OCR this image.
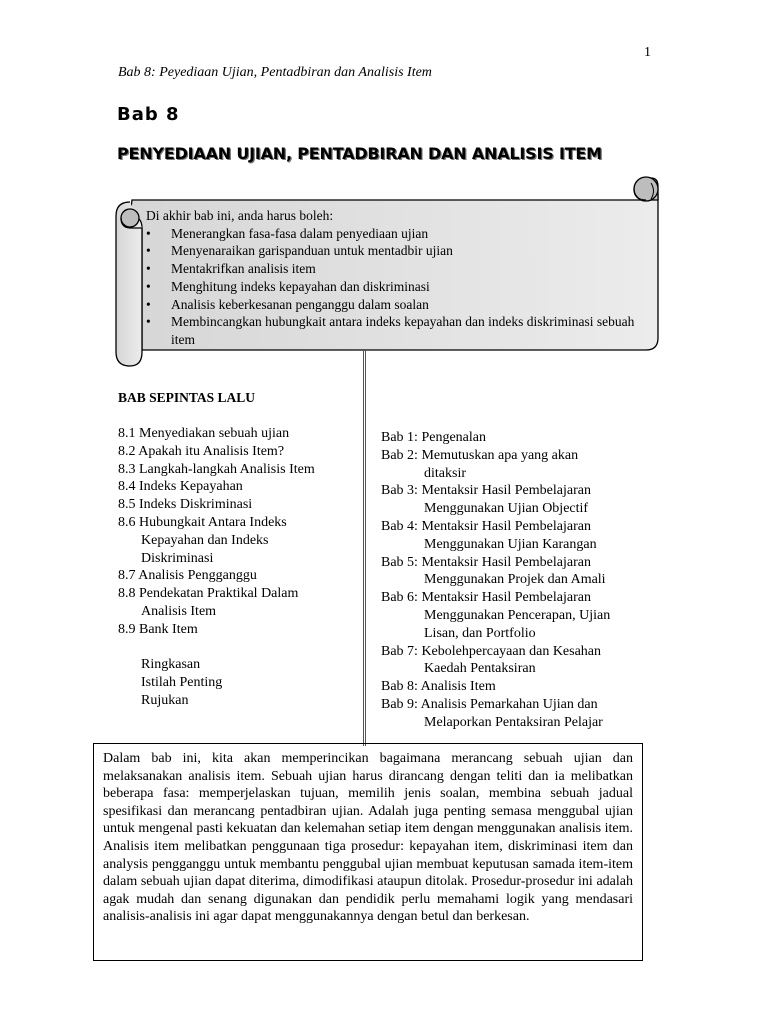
1
Bab 8: Peyediaan Ujian, Pentadbiran dan Analisis Item
Bab 8
PENYEDIAAN UJIAN, PENTADBIRAN DAN ANALISIS ITEM
Di akhir bab ini, anda harus boleh:
• Menerangkan fasa-fasa dalam penyediaan ujian
• Menyenaraikan garispanduan untuk mentadbir ujian
• Mentakrifkan analisis item
• Menghitung indeks kepayahan dan diskriminasi
• Analisis keberkesanan penganggu dalam soalan
• Membincangkan hubungkait antara indeks kepayahan dan indeks diskriminasi sebuah item
BAB SEPINTAS LALU
8.1 Menyediakan sebuah ujian
8.2 Apakah itu Analisis Item?
8.3 Langkah-langkah Analisis Item
8.4 Indeks Kepayahan
8.5 Indeks Diskriminasi
8.6 Hubungkait Antara Indeks
Kepayahan dan Indeks
Diskriminasi
8.7 Analisis Pengganggu
8.8 Pendekatan Praktikal Dalam
Analisis Item
8.9 Bank Item
Ringkasan
Istilah Penting
Rujukan
Bab 1: Pengenalan
Bab 2: Memutuskan apa yang akan
ditaksir
Bab 3: Mentaksir Hasil Pembelajaran
Menggunakan Ujian Objectif
Bab 4: Mentaksir Hasil Pembelajaran
Menggunakan Ujian Karangan
Bab 5: Mentaksir Hasil Pembelajaran
Menggunakan Projek dan Amali
Bab 6: Mentaksir Hasil Pembelajaran
Menggunakan Pencerapan, Ujian
Lisan, dan Portfolio
Bab 7: Kebolehpercayaan dan Kesahan
Kaedah Pentaksiran
Bab 8: Analisis Item
Bab 9: Analisis Pemarkahan Ujian dan
Melaporkan Pentaksiran Pelajar
Dalam bab ini, kita akan memperincikan bagaimana merancang sebuah ujian dan melaksanakan analisis item. Sebuah ujian harus dirancang dengan teliti dan ia melibatkan beberapa fasa: memperjelaskan tujuan, memilih jenis soalan, membina sebuah jadual spesifikasi dan merancang pentadbiran ujian. Adalah juga penting semasa menggubal ujian untuk mengenal pasti kekuatan dan kelemahan setiap item dengan menggunakan analisis item. Analisis item melibatkan penggunaan tiga prosedur: kepayahan item, diskriminasi item dan analysis pengganggu untuk membantu penggubal ujian membuat keputusan samada item-item dalam sebuah ujian dapat diterima, dimodifikasi ataupun ditolak. Prosedur-prosedur ini adalah agak mudah dan senang digunakan dan pendidik perlu memahami logik yang mendasari analisis-analisis ini agar dapat menggunakannya dengan betul dan berkesan.
